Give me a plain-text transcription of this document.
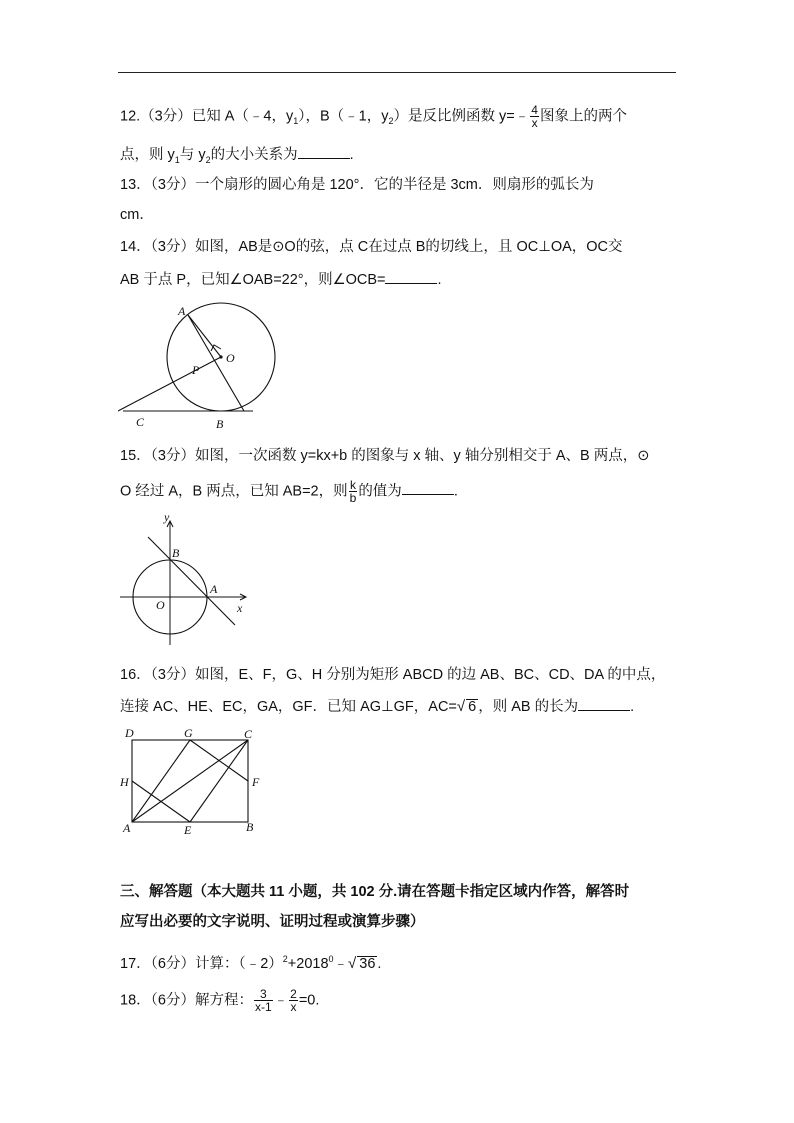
12.（3分）已知 A（﹣4，$y_1$），B（﹣1，$y_2$）是反比例函数 y=﹣ $\frac{4}{x}$ 图象上的两个
点，则 $y_1$与 $y_2$的大小关系为	.
13．（3分）一个扇形的圆心角是 120°．它的半径是 3cm．则扇形的弧长为
cm．
14．（3分）如图，AB是⊙O的弦，点 C在过点 B的切线上，且 OC⊥OA，OC交
AB 于点 P，已知∠OAB=22°，则∠OCB=	.
A
O
P
C	B
15．（3分）如图，一次函数 y=kx+b 的图象与 x 轴、y 轴分别相交于 A、B 两点，⊙
O 经过 A，B 两点，已知 AB=2，则 $\frac{k}{b}$ 的值为	.
y
B
O
A
x
16．（3分）如图，E、F，G、H 分别为矩形 ABCD 的边 AB、BC、CD、DA 的中点，
连接 AC、HE、EC，GA，GF．已知 AG⊥GF，AC=√ 6 ，则 AB 的长为	.
D	G	C
H	F
A	E	B
三、解答题（本大题共 11 小题，共 102 分.请在答题卡指定区域内作答，解答时
应写出必要的文字说明、证明过程或演算步骤）
17．（6分）计算：$(﹣2)^2+2018^0﹣√$ 36 .
18．（6分）解方程： $\frac{3}{x-1}$ ﹣ $\frac{2}{x} =0$.
